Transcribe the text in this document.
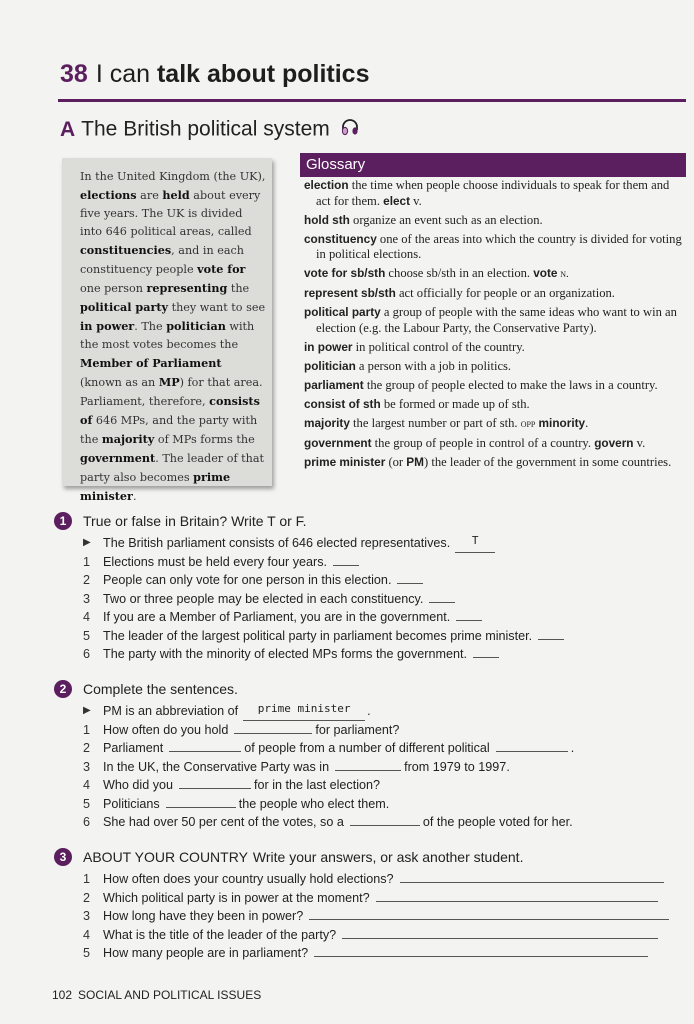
38 I can talk about politics
A The British political system
In the United Kingdom (the UK), elections are held about every five years. The UK is divided into 646 political areas, called constituencies, and in each constituency people vote for one person representing the political party they want to see in power. The politician with the most votes becomes the Member of Parliament (known as an MP) for that area. Parliament, therefore, consists of 646 MPs, and the party with the majority of MPs forms the government. The leader of that party also becomes prime minister.
Glossary
election the time when people choose individuals to speak for them and act for them. elect v.
hold sth organize an event such as an election.
constituency one of the areas into which the country is divided for voting in political elections.
vote for sb/sth choose sb/sth in an election. vote n.
represent sb/sth act officially for people or an organization.
political party a group of people with the same ideas who want to win an election (e.g. the Labour Party, the Conservative Party).
in power in political control of the country.
politician a person with a job in politics.
parliament the group of people elected to make the laws in a country.
consist of sth be formed or made up of sth.
majority the largest number or part of sth. opp minority.
government the group of people in control of a country. govern v.
prime minister (or PM) the leader of the government in some countries.
1	True or false in Britain? Write T or F.
▶ The British parliament consists of 646 elected representatives.	T
1	Elections must be held every four years.
2	People can only vote for one person in this election.
3	Two or three people may be elected in each constituency.
4	If you are a Member of Parliament, you are in the government.
5	The leader of the largest political party in parliament becomes prime minister.
6	The party with the minority of elected MPs forms the government.
2	Complete the sentences.
▶ PM is an abbreviation of	prime minister	.
1	How often do you hold	for parliament?
2	Parliament	of people from a number of different political	.
3	In the UK, the Conservative Party was in	from 1979 to 1997.
4	Who did you	for in the last election?
5	Politicians	the people who elect them.
6	She had over 50 per cent of the votes, so a	of the people voted for her.
3	ABOUT YOUR COUNTRY Write your answers, or ask another student.
1	How often does your country usually hold elections?
2	Which political party is in power at the moment?
3	How long have they been in power?
4	What is the title of the leader of the party?
5	How many people are in parliament?
102 SOCIAL AND POLITICAL ISSUES
